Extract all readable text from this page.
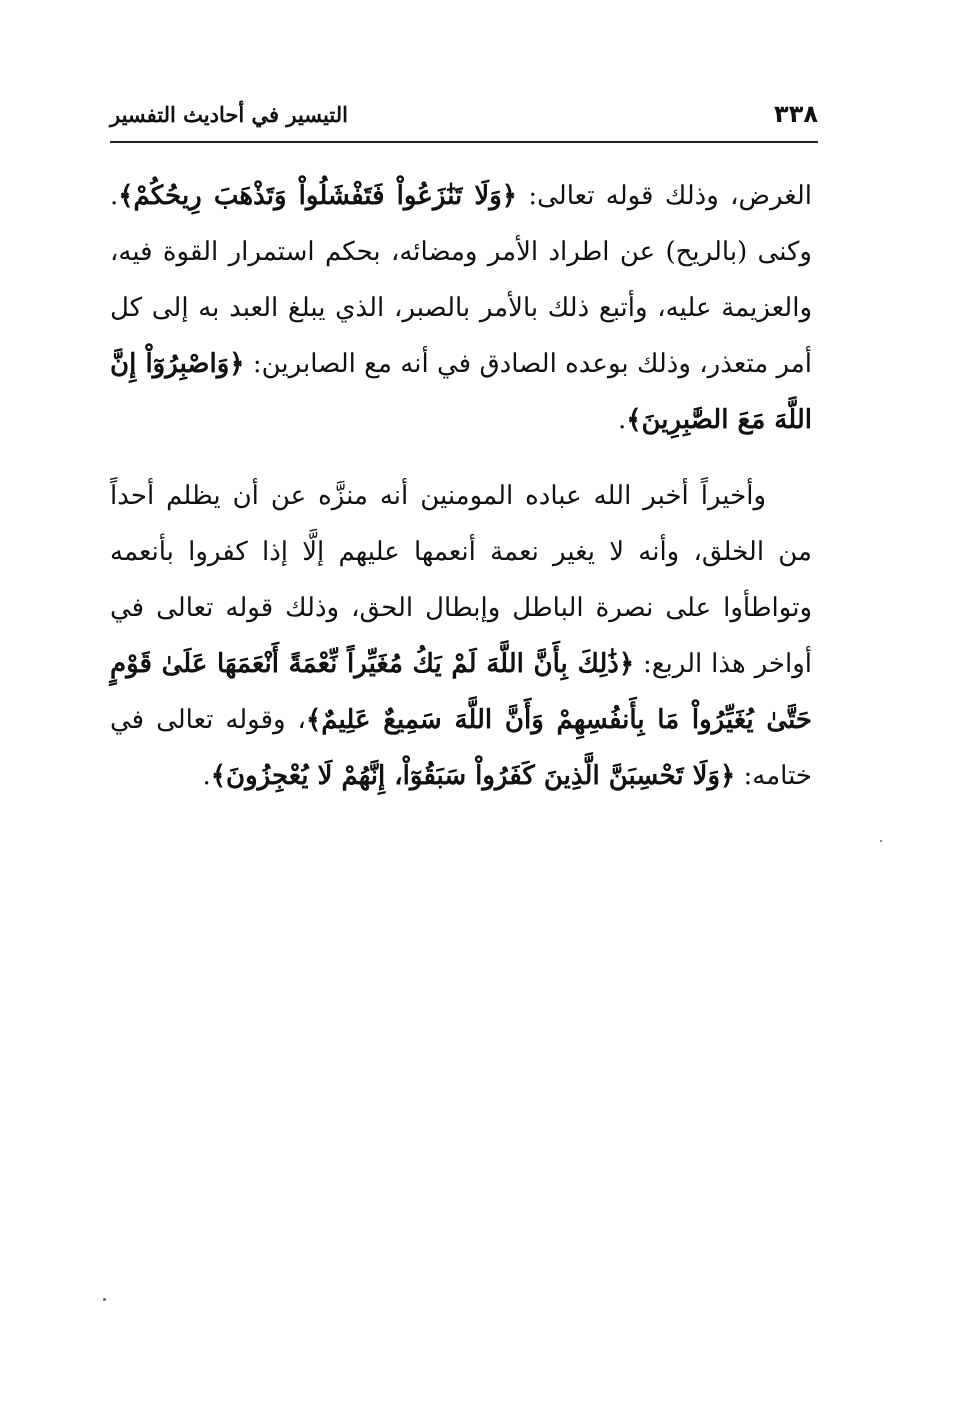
٣٣٨
التيسير في أحاديث التفسير

الغرض، وذلك قوله تعالى: ﴿وَلَا تَنَٰزَعُواْ فَتَفْشَلُواْ وَتَذْهَبَ رِيحُكُمْ﴾. وكنى (بالريح) عن اطراد الأمر ومضائه، بحكم استمرار القوة فيه، والعزيمة عليه، وأتبع ذلك بالأمر بالصبر، الذي يبلغ العبد به إلى كل أمر متعذر، وذلك بوعده الصادق في أنه مع الصابرين: ﴿وَاصْبِرُوٓاْ إِنَّ اللَّهَ مَعَ الصَّٰبِرِينَ﴾.

وأخيراً أخبر الله عباده المومنين أنه منزَّه عن أن يظلم أحداً من الخلق، وأنه لا يغير نعمة أنعمها عليهم إلَّا إذا كفروا بأنعمه وتواطأوا على نصرة الباطل وإبطال الحق، وذلك قوله تعالى في أواخر هذا الربع: ﴿ذَٰلِكَ بِأَنَّ اللَّهَ لَمْ يَكُ مُغَيِّراً نِّعْمَةً أَنْعَمَهَا عَلَىٰ قَوْمٍ حَتَّىٰ يُغَيِّرُواْ مَا بِأَنفُسِهِمْ وَأَنَّ اللَّهَ سَمِيعٌ عَلِيمٌ﴾، وقوله تعالى في ختامه: ﴿وَلَا تَحْسِبَنَّ الَّذِينَ كَفَرُواْ سَبَقُوٓاْ، إِنَّهُمْ لَا يُعْجِزُونَ﴾.
